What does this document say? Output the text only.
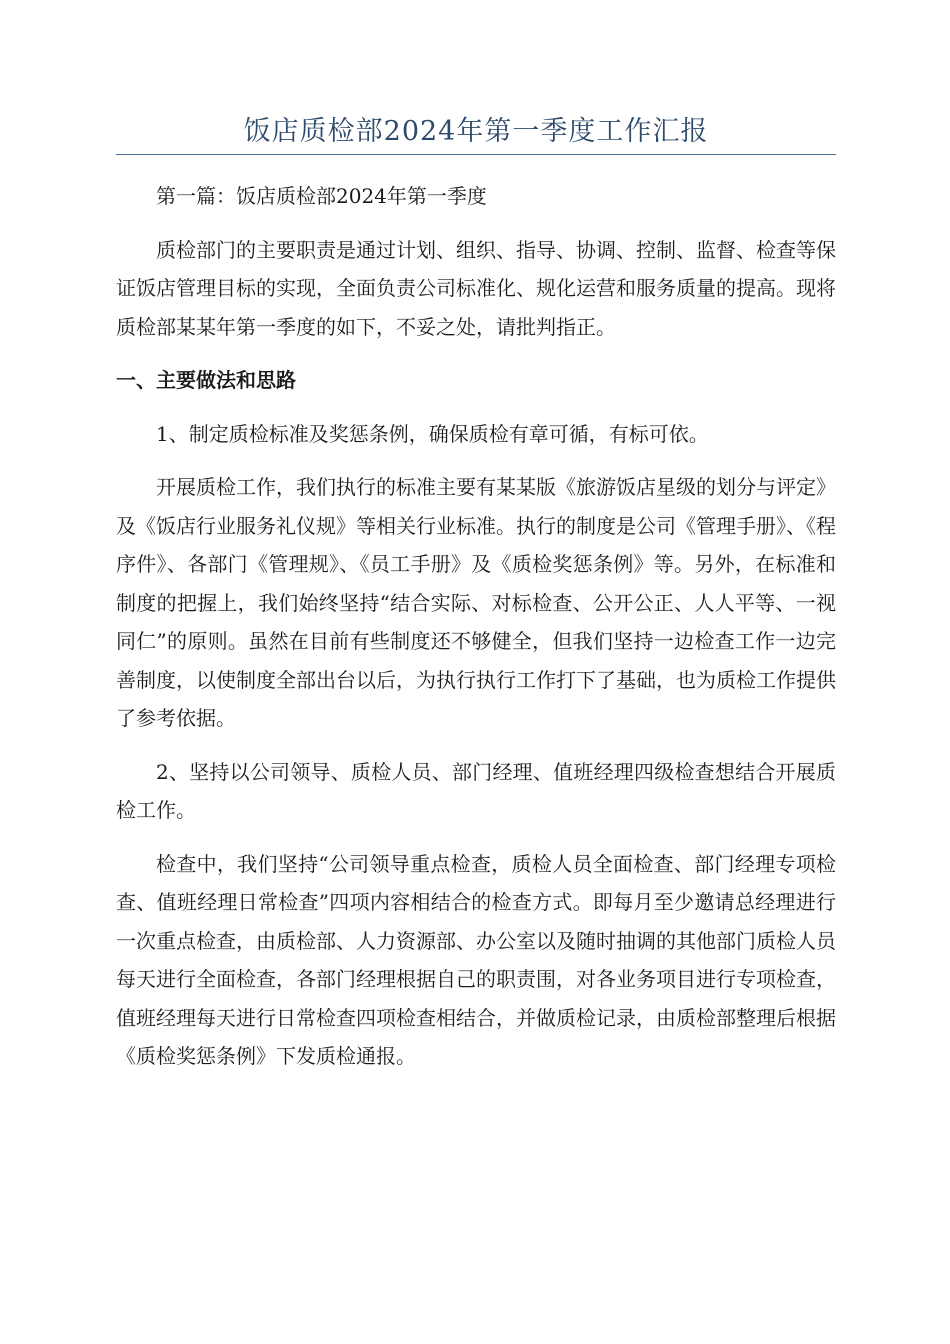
饭店质检部2024年第一季度工作汇报
第一篇：饭店质检部2024年第一季度
质检部门的主要职责是通过计划、组织、指导、协调、控制、监督、检查等保证饭店管理目标的实现，全面负责公司标准化、规化运营和服务质量的提高。现将质检部某某年第一季度的如下，不妥之处，请批判指正。
一、主要做法和思路
1、制定质检标准及奖惩条例，确保质检有章可循，有标可依。
开展质检工作，我们执行的标准主要有某某版《旅游饭店星级的划分与评定》及《饭店行业服务礼仪规》等相关行业标准。执行的制度是公司《管理手册》、《程序件》、各部门《管理规》、《员工手册》及《质检奖惩条例》等。另外，在标准和制度的把握上，我们始终坚持“结合实际、对标检查、公开公正、人人平等、一视同仁”的原则。虽然在目前有些制度还不够健全，但我们坚持一边检查工作一边完善制度，以使制度全部出台以后，为执行执行工作打下了基础，也为质检工作提供了参考依据。
2、坚持以公司领导、质检人员、部门经理、值班经理四级检查想结合开展质检工作。
检查中，我们坚持“公司领导重点检查，质检人员全面检查、部门经理专项检查、值班经理日常检查”四项内容相结合的检查方式。即每月至少邀请总经理进行一次重点检查，由质检部、人力资源部、办公室以及随时抽调的其他部门质检人员每天进行全面检查，各部门经理根据自己的职责围，对各业务项目进行专项检查，值班经理每天进行日常检查四项检查相结合，并做质检记录，由质检部整理后根据《质检奖惩条例》下发质检通报。
